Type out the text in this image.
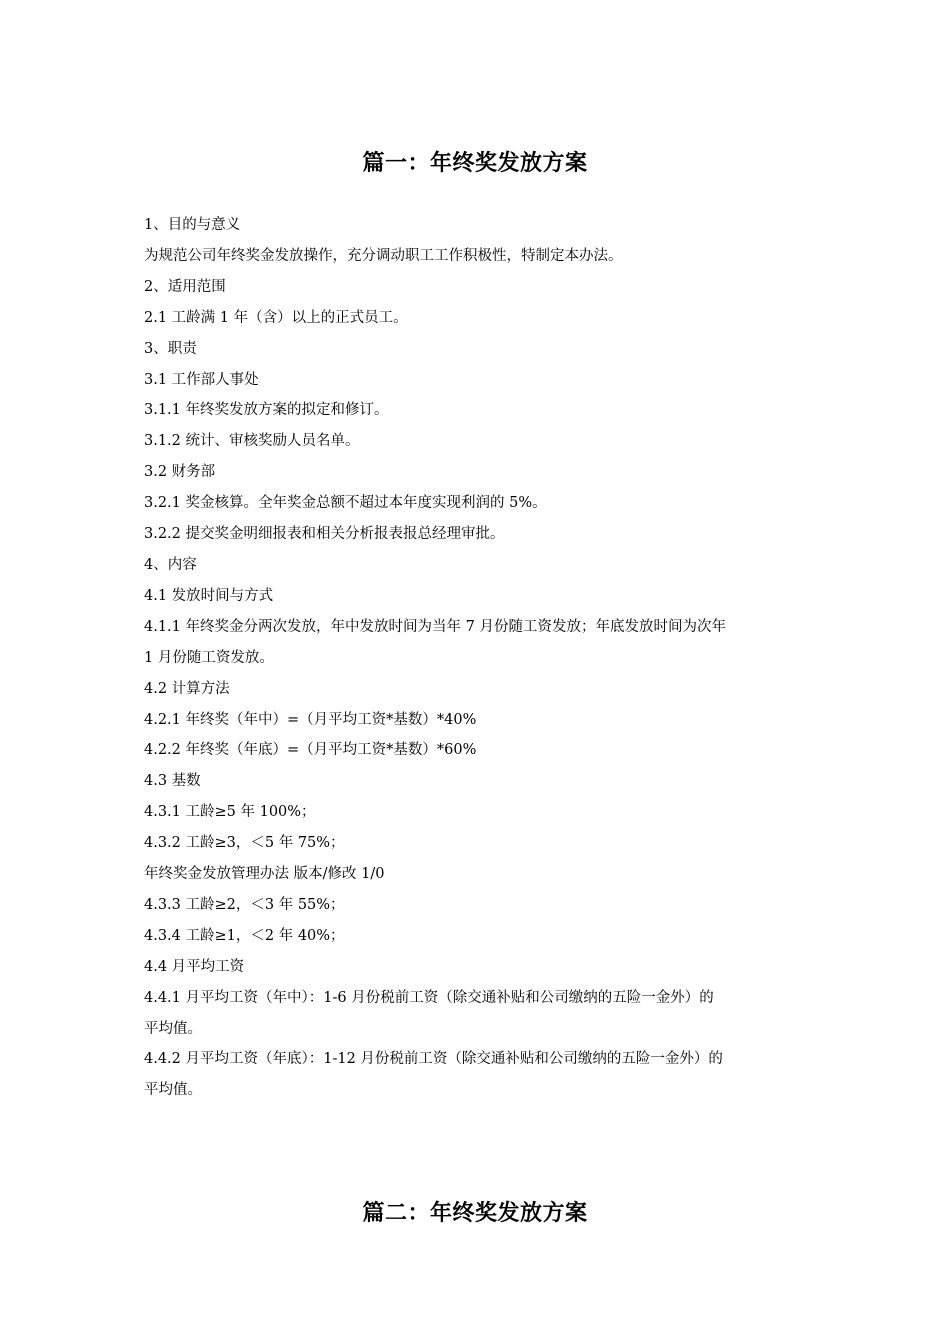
篇一：年终奖发放方案
1、目的与意义
为规范公司年终奖金发放操作，充分调动职工工作积极性，特制定本办法。
2、适用范围
2.1 工龄满 1 年（含）以上的正式员工。
3、职责
3.1 工作部人事处
3.1.1 年终奖发放方案的拟定和修订。
3.1.2 统计、审核奖励人员名单。
3.2 财务部
3.2.1 奖金核算。全年奖金总额不超过本年度实现利润的 5%。
3.2.2 提交奖金明细报表和相关分析报表报总经理审批。
4、内容
4.1 发放时间与方式
4.1.1 年终奖金分两次发放，年中发放时间为当年 7 月份随工资发放；年底发放时间为次年
1 月份随工资发放。
4.2 计算方法
4.2.1 年终奖（年中）=（月平均工资*基数）*40%
4.2.2 年终奖（年底）=（月平均工资*基数）*60%
4.3 基数
4.3.1 工龄≥5 年 100%；
4.3.2 工龄≥3，＜5 年 75%；
年终奖金发放管理办法 版本/修改 1/0
4.3.3 工龄≥2，＜3 年 55%；
4.3.4 工龄≥1，＜2 年 40%；
4.4 月平均工资
4.4.1 月平均工资（年中）：1-6 月份税前工资（除交通补贴和公司缴纳的五险一金外）的
平均值。
4.4.2 月平均工资（年底）：1-12 月份税前工资（除交通补贴和公司缴纳的五险一金外）的
平均值。
篇二：年终奖发放方案
